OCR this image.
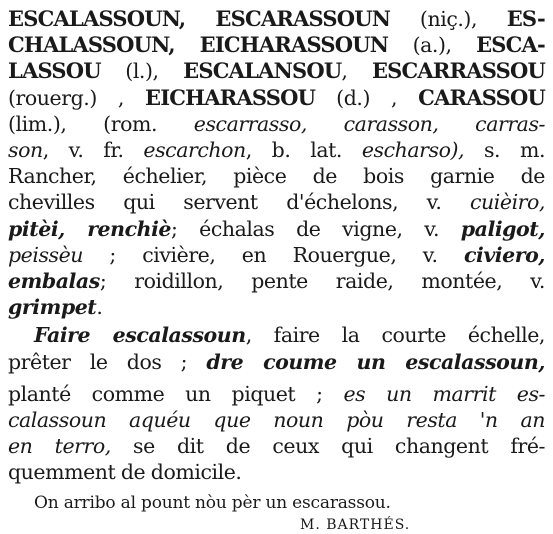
ESCALASSOUN, ESCARASSOUN (niç.), ES-
CHALASSOUN, EICHARASSOUN (a.), ESCA-
LASSOU (l.), ESCALANSOU, ESCARRASSOU
(rouerg.) , EICHARASSOU (d.) , CARASSOU
(lim.), (rom. escarrasso, carasson, carras-
son, v. fr. escarchon, b. lat. escharso), s. m.
Rancher, échelier, pièce de bois garnie de
chevilles qui servent d'échelons, v. cuièiro,
pitèi, renchiè; échalas de vigne, v. paligot,
peissèu ; civière, en Rouergue, v. civiero,
embalas; roidillon, pente raide, montée, v.
grimpet.
Faire escalassoun, faire la courte échelle,
prêter le dos ; dre coume un escalassoun,
planté comme un piquet ; es un marrit es-
calassoun aquéu que noun pòu resta 'n an
en terro, se dit de ceux qui changent fré-
quemment de domicile.
On arribo al pount nòu pèr un escarassou.
M. BARTHÉS.
